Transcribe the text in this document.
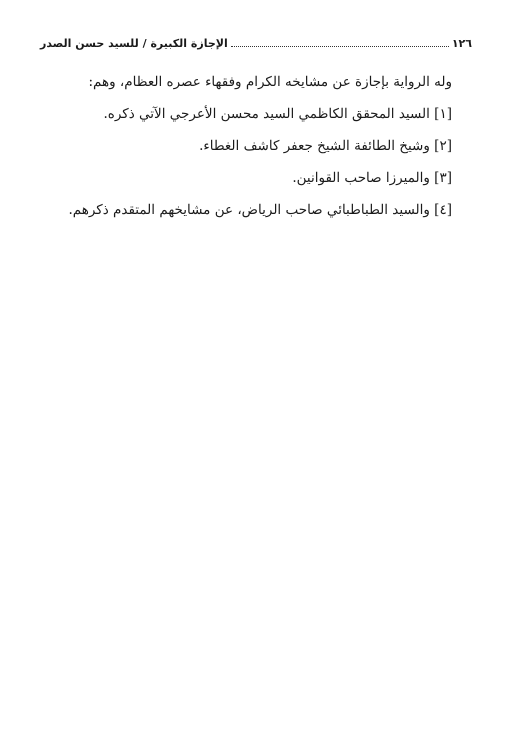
١٢٦
الإجازة الكبيرة / للسيد حسن الصدر
وله الرواية بإجازة عن مشايخه الكرام وفقهاء عصره العظام، وهم:
[١] السيد المحقق الكاظمي السيد محسن الأعرجي الآتي ذكره.
[٢] وشيخ الطائفة الشيخ جعفر كاشف الغطاء.
[٣] والميرزا صاحب القوانين.
[٤] والسيد الطباطبائي صاحب الرياض، عن مشايخهم المتقدم ذكرهم.
